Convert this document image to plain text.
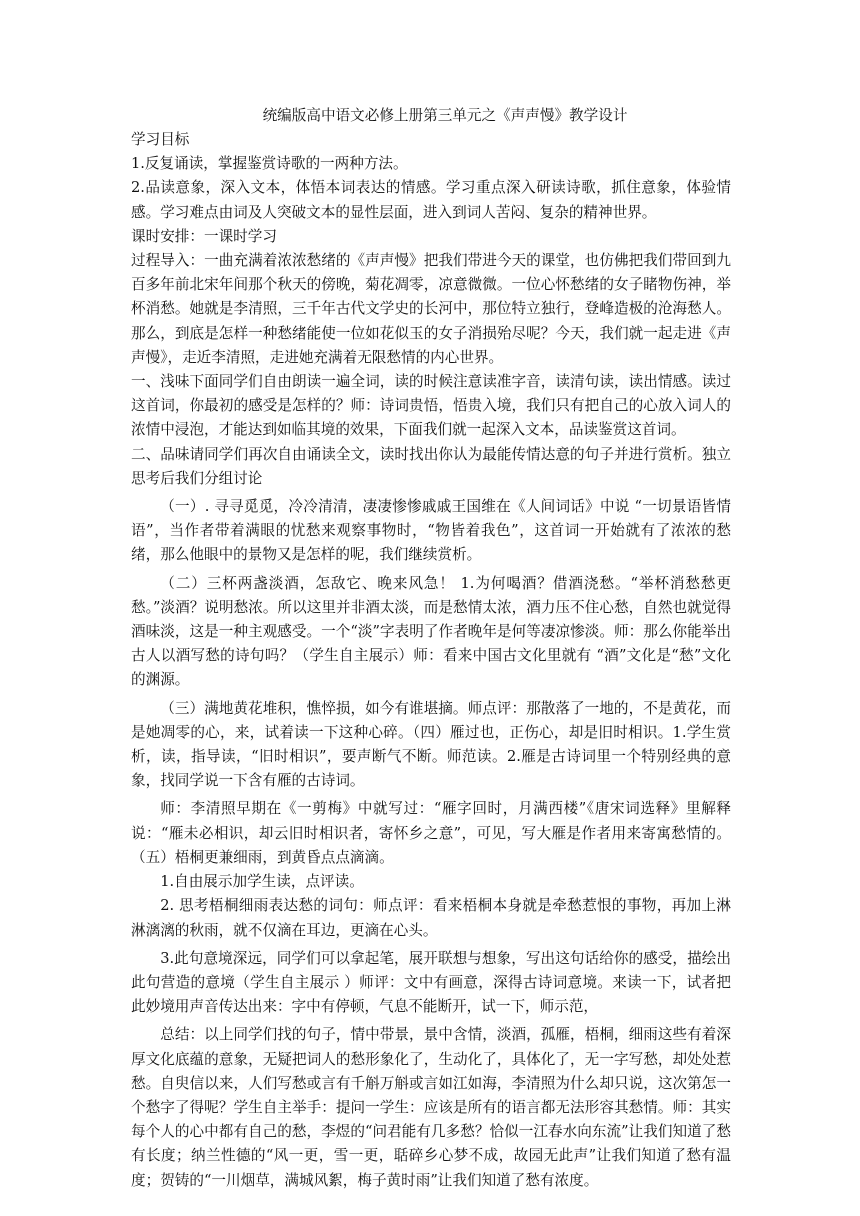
统编版高中语文必修上册第三单元之《声声慢》教学设计

学习目标

1.反复诵读，掌握鉴赏诗歌的一两种方法。

2.品读意象，深入文本，体悟本词表达的情感。学习重点深入研读诗歌，抓住意象，体验情感。学习难点由词及人突破文本的显性层面，进入到词人苦闷、复杂的精神世界。

课时安排：一课时学习

过程导入：一曲充满着浓浓愁绪的《声声慢》把我们带进今天的课堂，也仿佛把我们带回到九百多年前北宋年间那个秋天的傍晚，菊花凋零，凉意微微。一位心怀愁绪的女子睹物伤神，举杯消愁。她就是李清照，三千年古代文学史的长河中，那位特立独行，登峰造极的沧海愁人。那么，到底是怎样一种愁绪能使一位如花似玉的女子消损殆尽呢？今天，我们就一起走进《声声慢》，走近李清照，走进她充满着无限愁情的内心世界。

一、浅味下面同学们自由朗读一遍全词，读的时候注意读准字音，读清句读，读出情感。读过这首词，你最初的感受是怎样的？师：诗词贵悟，悟贵入境，我们只有把自己的心放入词人的浓情中浸泡，才能达到如临其境的效果，下面我们就一起深入文本，品读鉴赏这首词。

二、品味请同学们再次自由诵读全文，读时找出你认为最能传情达意的句子并进行赏析。独立思考后我们分组讨论

（一）. 寻寻觅觅，冷冷清清，凄凄惨惨戚戚王国维在《人间词话》中说 “一切景语皆情语”，当作者带着满眼的忧愁来观察事物时，“物皆着我色”，这首词一开始就有了浓浓的愁绪，那么他眼中的景物又是怎样的呢，我们继续赏析。

（二）三杯两盏淡酒，怎敌它、晚来风急！ 1.为何喝酒？借酒浇愁。“举杯消愁愁更愁。”淡酒？说明愁浓。所以这里并非酒太淡，而是愁情太浓，酒力压不住心愁，自然也就觉得酒味淡，这是一种主观感受。一个“淡”字表明了作者晚年是何等凄凉惨淡。师：那么你能举出古人以酒写愁的诗句吗？（学生自主展示）师：看来中国古文化里就有 “酒”文化是“愁”文化的渊源。

（三）满地黄花堆积，憔悴损，如今有谁堪摘。师点评：那散落了一地的，不是黄花，而是她凋零的心，来，试着读一下这种心碎。（四）雁过也，正伤心，却是旧时相识。1.学生赏析，读，指导读，“旧时相识”，要声断气不断。师范读。2.雁是古诗词里一个特别经典的意象，找同学说一下含有雁的古诗词。

师：李清照早期在《一剪梅》中就写过：“雁字回时，月满西楼”《唐宋词选释》里解释说：“雁未必相识，却云旧时相识者，寄怀乡之意”，可见，写大雁是作者用来寄寓愁情的。（五）梧桐更兼细雨，到黄昏点点滴滴。

1.自由展示加学生读，点评读。

2. 思考梧桐细雨表达愁的词句：师点评：看来梧桐本身就是牵愁惹恨的事物，再加上淋淋漓漓的秋雨，就不仅滴在耳边，更滴在心头。

3.此句意境深远，同学们可以拿起笔，展开联想与想象，写出这句话给你的感受，描绘出此句营造的意境（学生自主展示 ）师评：文中有画意，深得古诗词意境。来读一下，试者把此妙境用声音传达出来：字中有停顿，气息不能断开，试一下，师示范，

总结：以上同学们找的句子，情中带景，景中含情，淡酒，孤雁，梧桐，细雨这些有着深厚文化底蕴的意象，无疑把词人的愁形象化了，生动化了，具体化了，无一字写愁，却处处惹愁。自臾信以来，人们写愁或言有千斛万斛或言如江如海，李清照为什么却只说，这次第怎一个愁字了得呢？学生自主举手：提问一学生：应该是所有的语言都无法形容其愁情。师：其实每个人的心中都有自己的愁，李煜的“问君能有几多愁？恰似一江春水向东流”让我们知道了愁有长度；纳兰性德的“风一更，雪一更，聒碎乡心梦不成，故园无此声”让我们知道了愁有温度；贺铸的“一川烟草，满城风絮，梅子黄时雨”让我们知道了愁有浓度。
